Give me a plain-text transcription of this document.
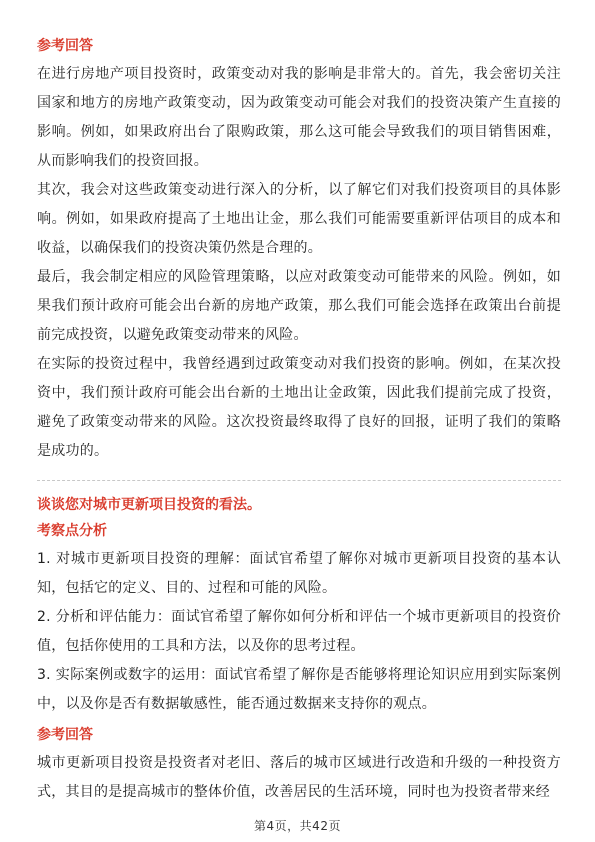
参考回答

在进行房地产项目投资时，政策变动对我的影响是非常大的。首先，我会密切关注国家和地方的房地产政策变动，因为政策变动可能会对我们的投资决策产生直接的影响。例如，如果政府出台了限购政策，那么这可能会导致我们的项目销售困难，从而影响我们的投资回报。

其次，我会对这些政策变动进行深入的分析，以了解它们对我们投资项目的具体影响。例如，如果政府提高了土地出让金，那么我们可能需要重新评估项目的成本和收益，以确保我们的投资决策仍然是合理的。

最后，我会制定相应的风险管理策略，以应对政策变动可能带来的风险。例如，如果我们预计政府可能会出台新的房地产政策，那么我们可能会选择在政策出台前提前完成投资，以避免政策变动带来的风险。

在实际的投资过程中，我曾经遇到过政策变动对我们投资的影响。例如，在某次投资中，我们预计政府可能会出台新的土地出让金政策，因此我们提前完成了投资，避免了政策变动带来的风险。这次投资最终取得了良好的回报，证明了我们的策略是成功的。

谈谈您对城市更新项目投资的看法。
考察点分析

1. 对城市更新项目投资的理解：面试官希望了解你对城市更新项目投资的基本认知，包括它的定义、目的、过程和可能的风险。

2. 分析和评估能力：面试官希望了解你如何分析和评估一个城市更新项目的投资价值，包括你使用的工具和方法，以及你的思考过程。

3. 实际案例或数字的运用：面试官希望了解你是否能够将理论知识应用到实际案例中，以及你是否有数据敏感性，能否通过数据来支持你的观点。

参考回答

城市更新项目投资是投资者对老旧、落后的城市区域进行改造和升级的一种投资方式，其目的是提高城市的整体价值，改善居民的生活环境，同时也为投资者带来经

第4页，共42页
